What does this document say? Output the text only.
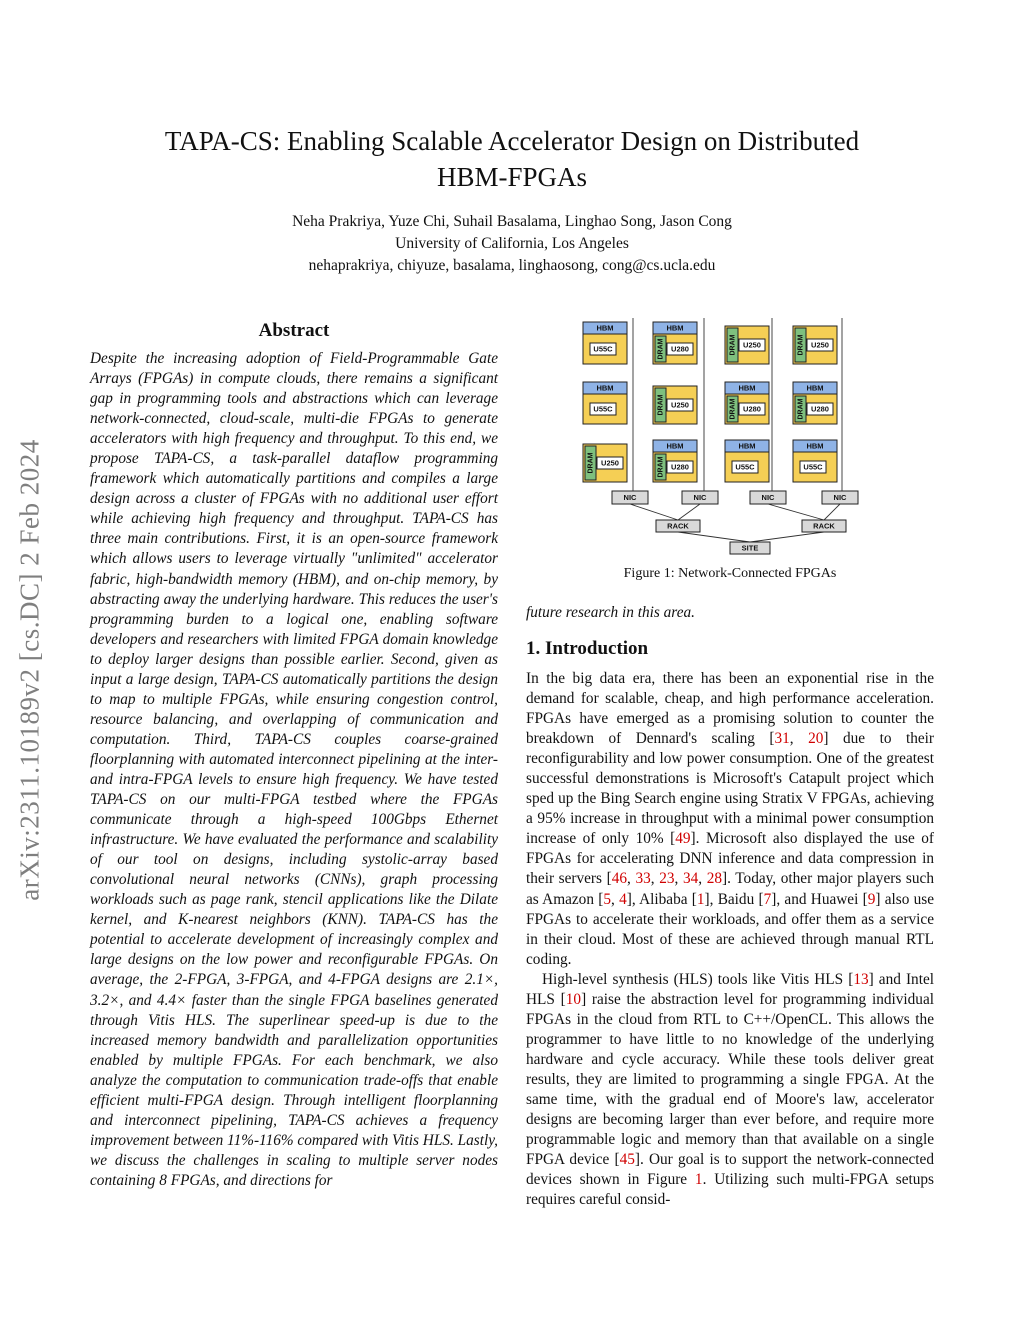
arXiv:2311.10189v2 [cs.DC] 2 Feb 2024
TAPA-CS: Enabling Scalable Accelerator Design on Distributed
HBM-FPGAs
Neha Prakriya, Yuze Chi, Suhail Basalama, Linghao Song, Jason Cong
University of California, Los Angeles
nehaprakriya, chiyuze, basalama, linghaosong, cong@cs.ucla.edu
Abstract

Despite the increasing adoption of Field-Programmable Gate Arrays (FPGAs) in compute clouds, there remains a significant gap in programming tools and abstractions which can leverage network-connected, cloud-scale, multi-die FPGAs to generate accelerators with high frequency and throughput. To this end, we propose TAPA-CS, a task-parallel dataflow programming framework which automatically partitions and compiles a large design across a cluster of FPGAs with no additional user effort while achieving high frequency and throughput. TAPA-CS has three main contributions. First, it is an open-source framework which allows users to leverage virtually "unlimited" accelerator fabric, high-bandwidth memory (HBM), and on-chip memory, by abstracting away the underlying hardware. This reduces the user's programming burden to a logical one, enabling software developers and researchers with limited FPGA domain knowledge to deploy larger designs than possible earlier. Second, given as input a large design, TAPA-CS automatically partitions the design to map to multiple FPGAs, while ensuring congestion control, resource balancing, and overlapping of communication and computation. Third, TAPA-CS couples coarse-grained floorplanning with automated interconnect pipelining at the inter- and intra-FPGA levels to ensure high frequency. We have tested TAPA-CS on our multi-FPGA testbed where the FPGAs communicate through a high-speed 100Gbps Ethernet infrastructure. We have evaluated the performance and scalability of our tool on designs, including systolic-array based convolutional neural networks (CNNs), graph processing workloads such as page rank, stencil applications like the Dilate kernel, and K-nearest neighbors (KNN). TAPA-CS has the potential to accelerate development of increasingly complex and large designs on the low power and reconfigurable FPGAs. On average, the 2-FPGA, 3-FPGA, and 4-FPGA designs are 2.1×, 3.2×, and 4.4× faster than the single FPGA baselines generated through Vitis HLS. The superlinear speed-up is due to the increased memory bandwidth and parallelization opportunities enabled by multiple FPGAs. For each benchmark, we also analyze the computation to communication trade-offs that enable efficient multi-FPGA design. Through intelligent floorplanning and interconnect pipelining, TAPA-CS achieves a frequency improvement between 11%-116% compared with Vitis HLS. Lastly, we discuss the challenges in scaling to multiple server nodes containing 8 FPGAs, and directions for

HBM
U55C
HBM
U55C
DRAM U250
HBM
DRAM U280
DRAM U250
HBM
DRAM U280
DRAM U250
HBM
DRAM U280
HBM
U55C
DRAM U250
HBM
DRAM U280
HBM
U55C
NIC	NIC	NIC	NIC
RACK	RACK
SITE
Figure 1: Network-Connected FPGAs

future research in this area.

1. Introduction

In the big data era, there has been an exponential rise in the demand for scalable, cheap, and high performance acceleration. FPGAs have emerged as a promising solution to counter the breakdown of Dennard's scaling [31, 20] due to their reconfigurability and low power consumption. One of the greatest successful demonstrations is Microsoft's Catapult project which sped up the Bing Search engine using Stratix V FPGAs, achieving a 95% increase in throughput with a minimal power consumption increase of only 10% [49]. Microsoft also displayed the use of FPGAs for accelerating DNN inference and data compression in their servers [46, 33, 23, 34, 28]. Today, other major players such as Amazon [5, 4], Alibaba [1], Baidu [7], and Huawei [9] also use FPGAs to accelerate their workloads, and offer them as a service in their cloud. Most of these are achieved through manual RTL coding.

High-level synthesis (HLS) tools like Vitis HLS [13] and Intel HLS [10] raise the abstraction level for programming individual FPGAs in the cloud from RTL to C++/OpenCL. This allows the programmer to have little to no knowledge of the underlying hardware and cycle accuracy. While these tools deliver great results, they are limited to programming a single FPGA. At the same time, with the gradual end of Moore's law, accelerator designs are becoming larger than ever before, and require more programmable logic and memory than that available on a single FPGA device [45]. Our goal is to support the network-connected devices shown in Figure 1. Utilizing such multi-FPGA setups requires careful consid-
